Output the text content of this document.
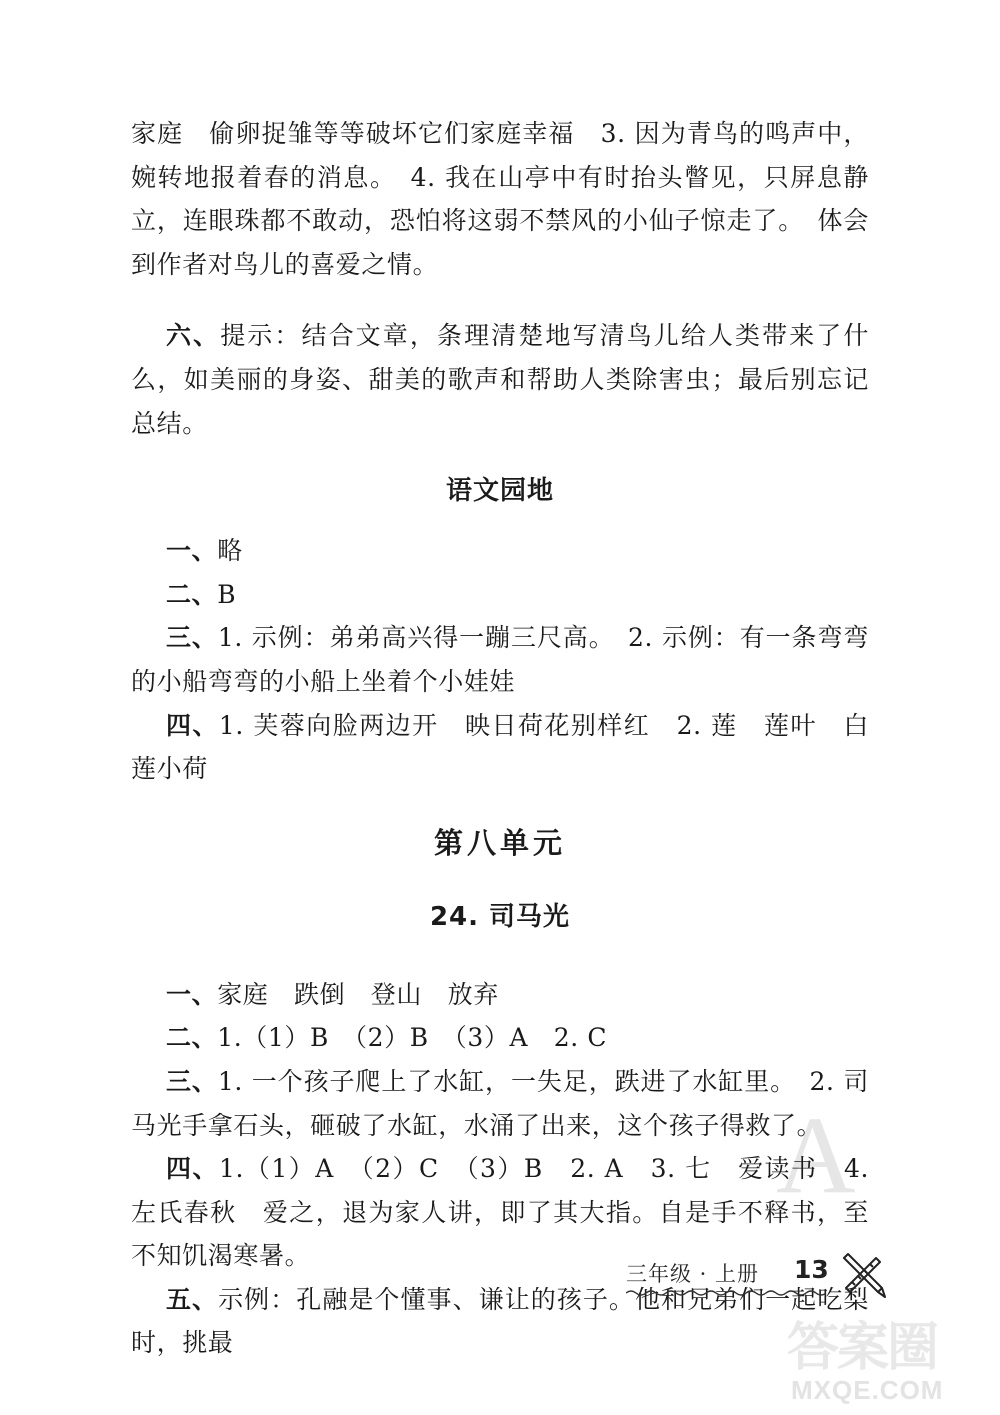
A

家庭　偷卵捉雏等等破坏它们家庭幸福　3. 因为青鸟的鸣声中，婉转地报着春的消息。　4. 我在山亭中有时抬头瞥见，只屏息静立，连眼珠都不敢动，恐怕将这弱不禁风的小仙子惊走了。　体会到作者对鸟儿的喜爱之情。

六、提示：结合文章，条理清楚地写清鸟儿给人类带来了什么，如美丽的身姿、甜美的歌声和帮助人类除害虫；最后别忘记总结。

语文园地

一、略

二、B

三、1. 示例：弟弟高兴得一蹦三尺高。　2. 示例：有一条弯弯的小船弯弯的小船上坐着个小娃娃

四、1. 芙蓉向脸两边开　映日荷花别样红　2. 莲　莲叶　白莲小荷

第八单元
24. 司马光

一、家庭　跌倒　登山　放弃

二、1.（1）B　（2）B　（3）A　2. C

三、1. 一个孩子爬上了水缸，一失足，跌进了水缸里。　2. 司马光手拿石头，砸破了水缸，水涌了出来，这个孩子得救了。

四、1.（1）A　（2）C　（3）B　2. A　3. 七　爱读书　4. 左氏春秋　爱之，退为家人讲，即了其大指。自是手不释书，至不知饥渴寒暑。

五、示例：孔融是个懂事、谦让的孩子。他和兄弟们一起吃梨时，挑最

三年级 · 上册 13
答案圈
MXQE.COM
